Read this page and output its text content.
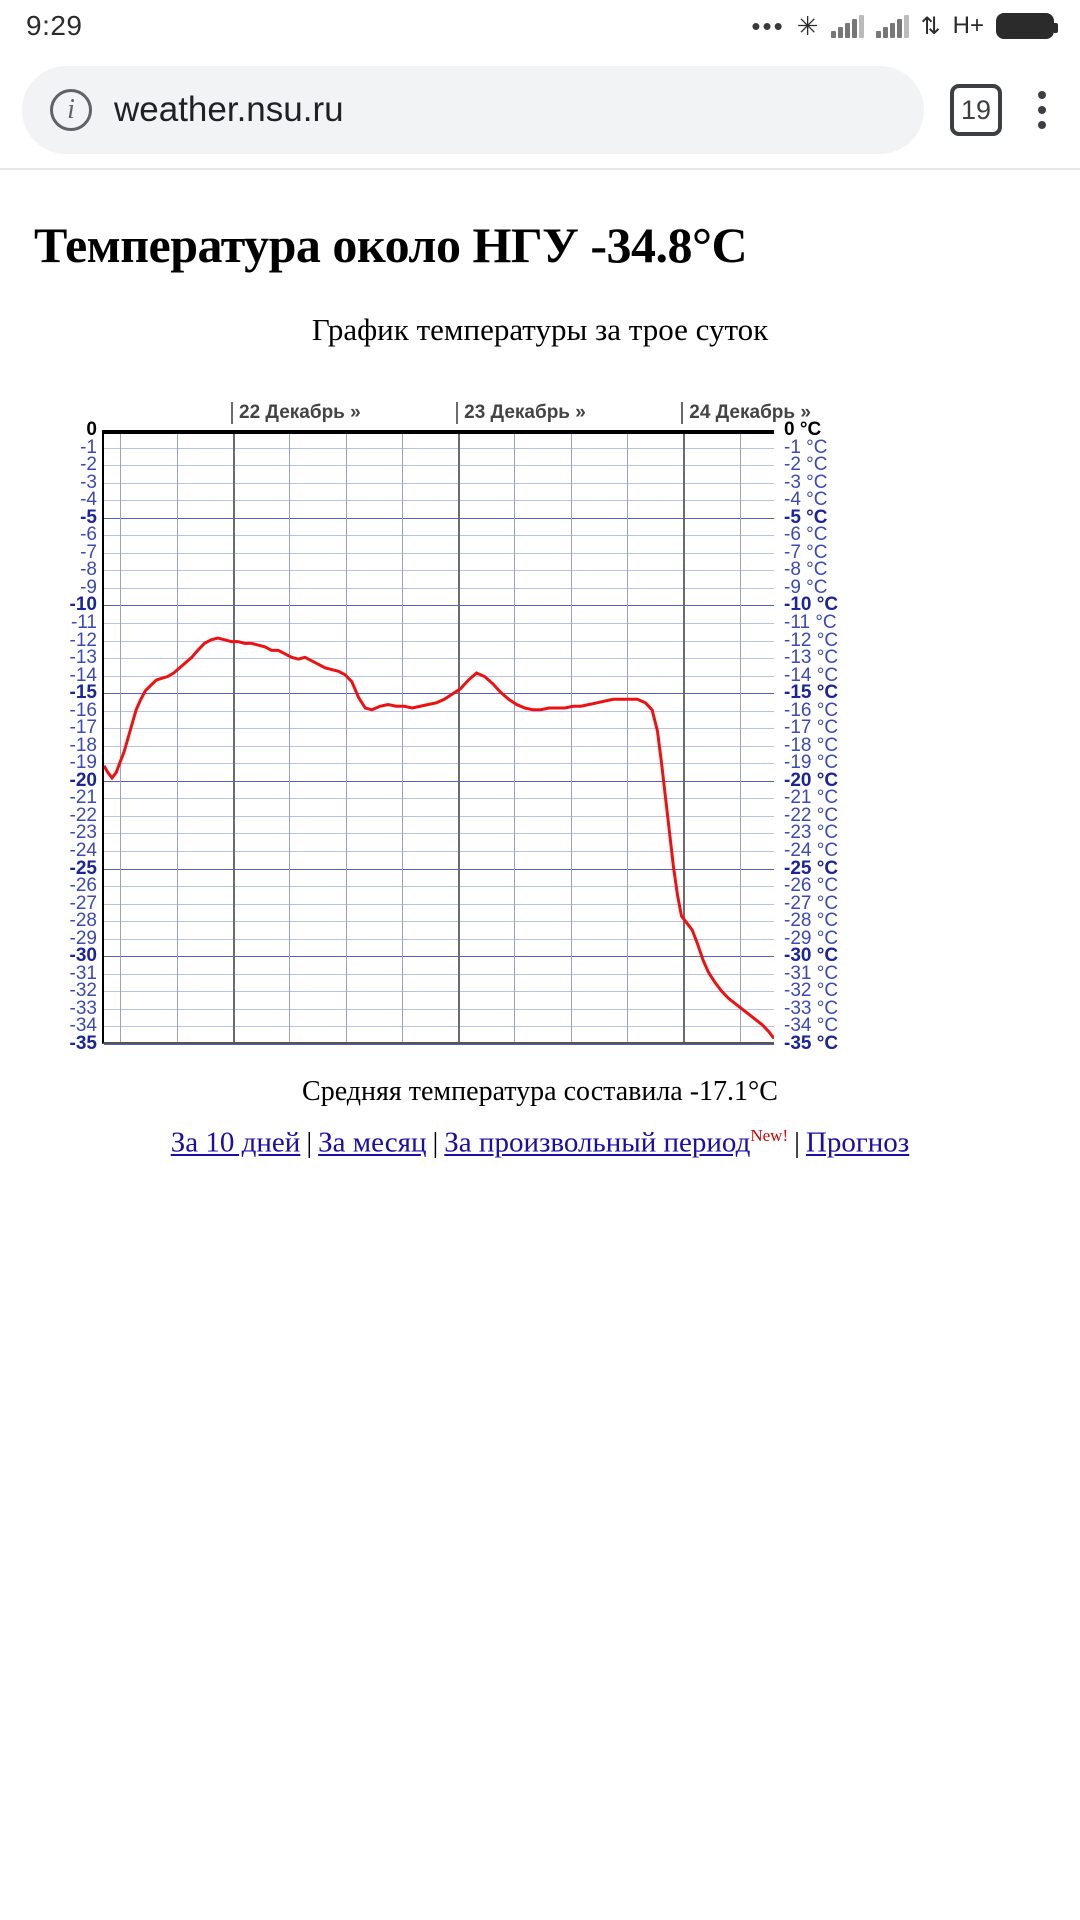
9:29	••• ✳	⇅ H+
i	weather.nsu.ru	19
Температура около НГУ -34.8°C
График температуры за трое суток
22 Декабрь »	23 Декабрь »	24 Декабрь »
0
-1
-2
-3
-4
-5
-6
-7
-8
-9
-10
-11
-12
-13
-14
-15
-16
-17
-18
-19
-20
-21
-22
-23
-24
-25
-26
-27
-28
-29
-30
-31
-32
-33
-34
-35
0 °C
-1 °C
-2 °C
-3 °C
-4 °C
-5 °C
-6 °C
-7 °C
-8 °C
-9 °C
-10 °C
-11 °C
-12 °C
-13 °C
-14 °C
-15 °C
-16 °C
-17 °C
-18 °C
-19 °C
-20 °C
-21 °C
-22 °C
-23 °C
-24 °C
-25 °C
-26 °C
-27 °C
-28 °C
-29 °C
-30 °C
-31 °C
-32 °C
-33 °C
-34 °C
-35 °C
Средняя температура составила -17.1°C
За 10 дней | За месяц | За произвольный период$^{New!}$ | Прогноз
